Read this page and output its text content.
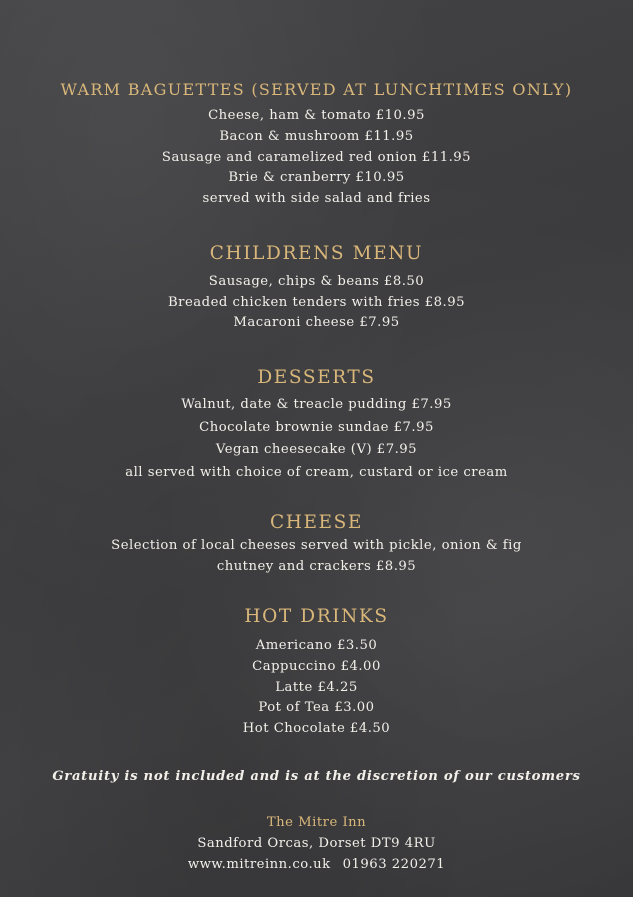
WARM BAGUETTES (SERVED AT LUNCHTIMES ONLY)
Cheese, ham & tomato £10.95
Bacon & mushroom £11.95
Sausage and caramelized red onion £11.95
Brie & cranberry £10.95
served with side salad and fries
CHILDRENS MENU
Sausage, chips & beans £8.50
Breaded chicken tenders with fries £8.95
Macaroni cheese £7.95
DESSERTS
Walnut, date & treacle pudding £7.95
Chocolate brownie sundae £7.95
Vegan cheesecake (V) £7.95
all served with choice of cream, custard or ice cream
CHEESE
Selection of local cheeses served with pickle, onion & fig
chutney and crackers £8.95
HOT DRINKS
Americano £3.50
Cappuccino £4.00
Latte £4.25
Pot of Tea £3.00
Hot Chocolate £4.50
Gratuity is not included and is at the discretion of our customers
The Mitre Inn
Sandford Orcas, Dorset DT9 4RU
www.mitreinn.co.uk 01963 220271
